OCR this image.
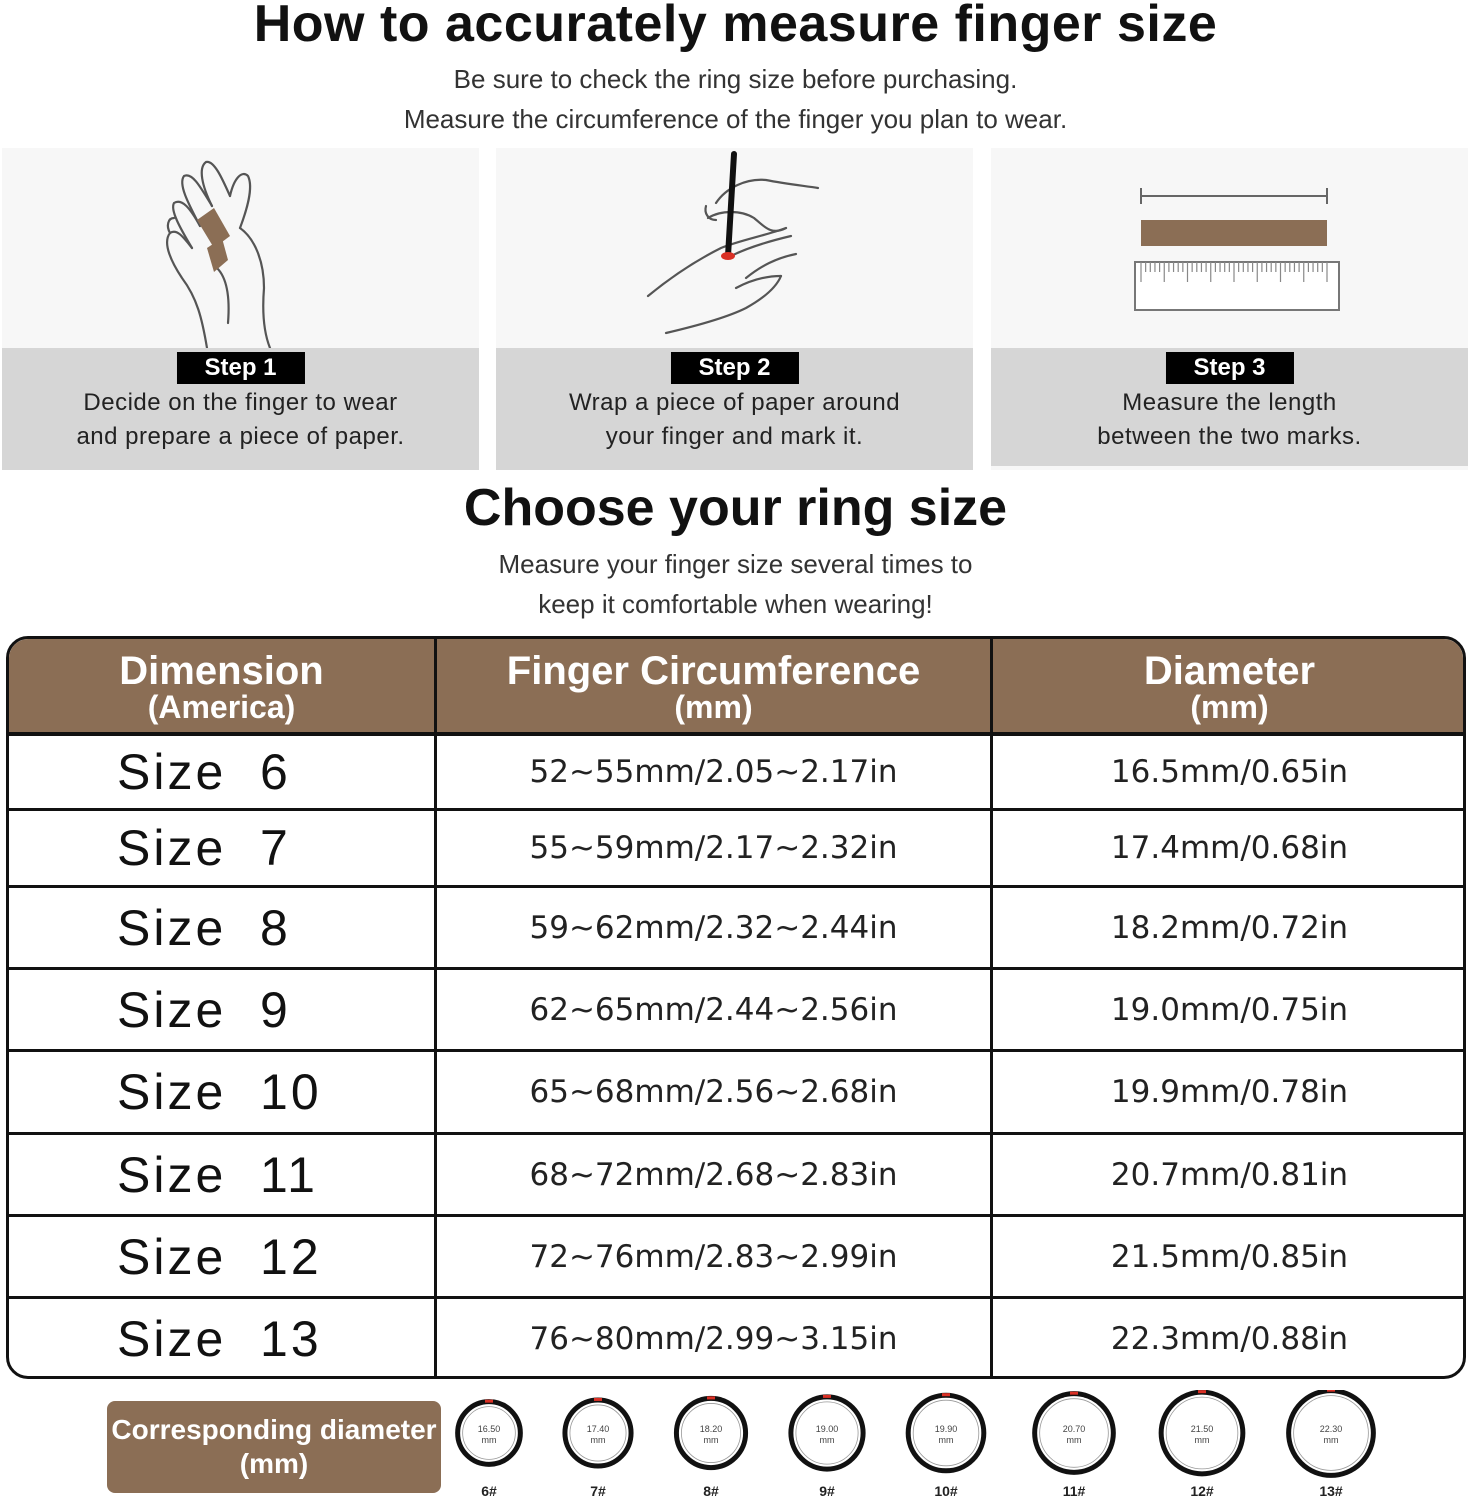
How to accurately measure finger size
Be sure to check the ring size before purchasing.
Measure the circumference of the finger you plan to wear.
Step 1
Decide on the finger to wear
and prepare a piece of paper.
Step 2
Wrap a piece of paper around
your finger and mark it.
Step 3
Measure the length
between the two marks.
Choose your ring size
Measure your finger size several times to
keep it comfortable when wearing!
Dimension
(America)
Finger Circumference
(mm)
Diameter
(mm)
Size  6	52~55mm/2.05~2.17in	16.5mm/0.65in
Size  7	55~59mm/2.17~2.32in	17.4mm/0.68in
Size  8	59~62mm/2.32~2.44in	18.2mm/0.72in
Size  9	62~65mm/2.44~2.56in	19.0mm/0.75in
Size  10	65~68mm/2.56~2.68in	19.9mm/0.78in
Size  11	68~72mm/2.68~2.83in	20.7mm/0.81in
Size  12	72~76mm/2.83~2.99in	21.5mm/0.85in
Size  13	76~80mm/2.99~3.15in	22.3mm/0.88in
Corresponding diameter
(mm)
16.50
mm
6#
17.40
mm
7#
18.20
mm
8#
19.00
mm
9#
19.90
mm
10#
20.70
mm
11#
21.50
mm
12#
22.30
mm
13#
